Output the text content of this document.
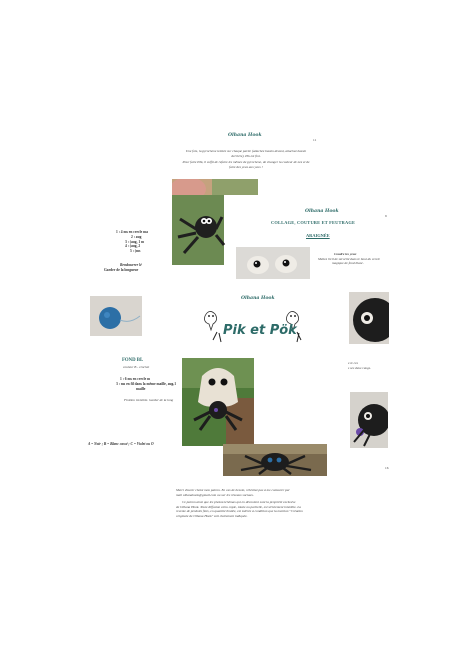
Olhana Hook
11
Une fois, la pyrochene teintée sur chaque partie (attachez bassin devant, attachez bassin
derrière), Pik est fini.
Pour faire Pök, il suffit de refaire les mêmes de pyrochene, de changer la couleur de nez et de
faire des yeux aux yeux !
Olhana Hook
9
COLLAGE, COUTURE ET FEUTRAGE
ARAIGNÉE
1 : 4 ms en cercle ma
2 : aug
3 : (aug, 1 m
4 : (aug, 2
5 : (ms
Coudre les yeux
Mettez l'œil de sécurité dans le bout du cercle
magique de fond blanc.
Rembourrer lé
Garder de la longueur
Olhana Hook
Pik et Pök
FOND BL
couleur B - crochet
1 : 6 ms en cercle m
3 : ms en fil dans la même maille, aug.1
maille
Finition invisible. Garder de la long
e le ces
s ses deux rangs.
A = Noir ; B = Blanc cassé ; C = Violet ou O
16
Merci d'avoir choisi mon patron. En cas de besoin, n'hésitez pas à me contacter par
mail olhanahook@gmail.com ou sur les réseaux sociaux.
Ce patron ainsi que les photos/schémas qui en découlent sont la propriété exclusive
de Olhana Hook. Toute diffusion et/ou copie, totale ou partielle, est strictement interdite. La
revente de produits finis, en quantité limitée, est tolérée à condition que la mention "Création
originale de Olhana Hook" soit clairement indiquée.
